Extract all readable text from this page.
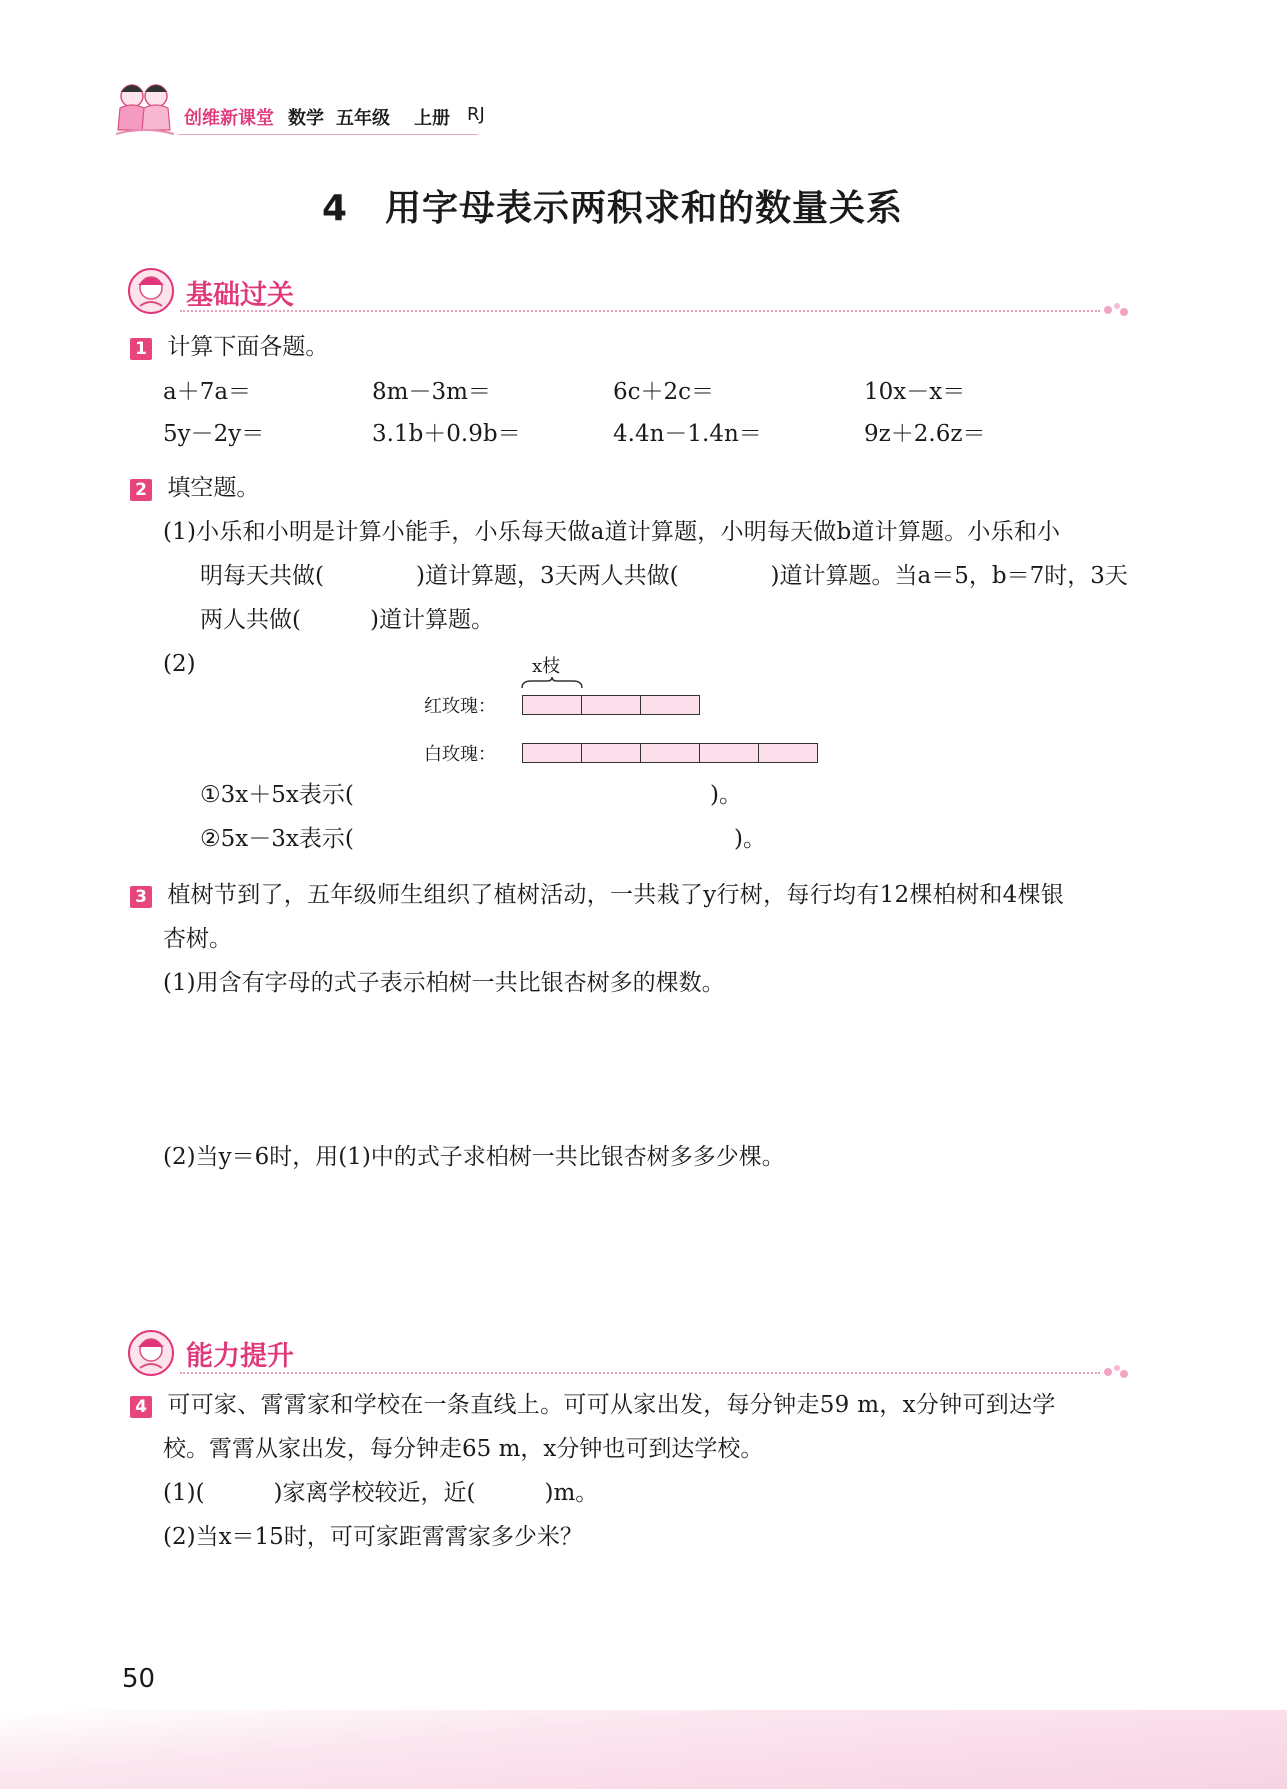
创维新课堂 数学 五年级 上册 RJ
4　用字母表示两积求和的数量关系
基础过关
1 计算下面各题。
a＋7a＝	8m－3m＝	6c＋2c＝	10x－x＝
5y－2y＝	3.1b＋0.9b＝	4.4n－1.4n＝	9z＋2.6z＝
2 填空题。
(1)小乐和小明是计算小能手，小乐每天做a道计算题，小明每天做b道计算题。小乐和小
明每天共做(　　　　)道计算题，3天两人共做(　　　　)道计算题。当a＝5，b＝7时，3天
两人共做(　　　)道计算题。
(2)	x枝
红玫瑰：
白玫瑰：
①3x＋5x表示(	)。
②5x－3x表示(	)。
3 植树节到了，五年级师生组织了植树活动，一共栽了y行树，每行均有12棵柏树和4棵银
杏树。
(1)用含有字母的式子表示柏树一共比银杏树多的棵数。
(2)当y＝6时，用(1)中的式子求柏树一共比银杏树多多少棵。
能力提升
4 可可家、霄霄家和学校在一条直线上。可可从家出发，每分钟走59 m，x分钟可到达学
校。霄霄从家出发，每分钟走65 m，x分钟也可到达学校。
(1)(　　　)家离学校较近，近(　　　)m。
(2)当x＝15时，可可家距霄霄家多少米？
50
